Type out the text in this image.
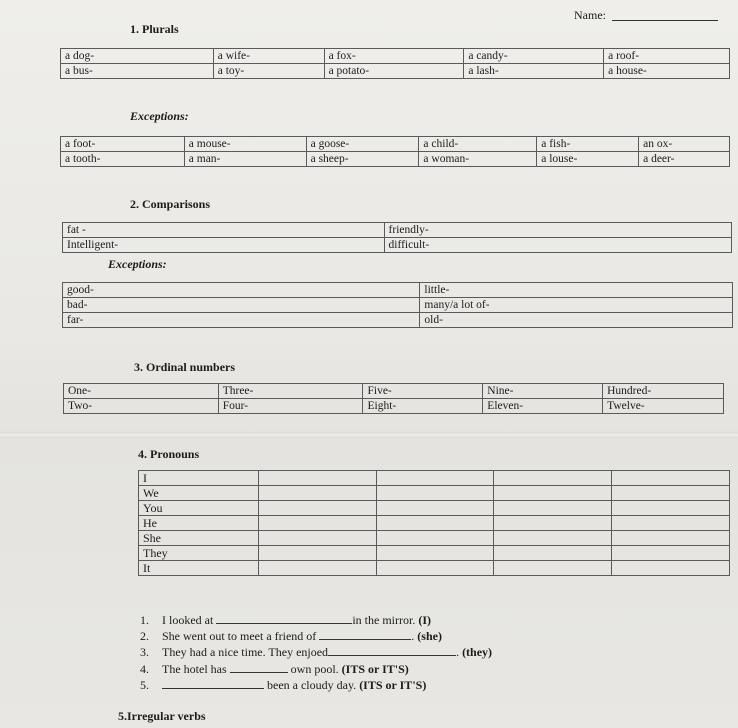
Name:
1. Plurals
a dog-	a wife-	a fox-	a candy-	a roof-
a bus-	a toy-	a potato-	a lash-	a house-
Exceptions:
a foot-	a mouse-	a goose-	a child-	a fish-	an ox-
a tooth-	a man-	a sheep-	a woman-	a louse-	a deer-
2. Comparisons
fat -	friendly-
Intelligent-	difficult-
Exceptions:
good-	little-
bad-	many/a lot of-
far-	old-
3. Ordinal numbers
One-	Three-	Five-	Nine-	Hundred-
Two-	Four-	Eight-	Eleven-	Twelve-
4. Pronouns
I				
We				
You				
He				
She				
They				
It				
1. I looked at	in the mirror. (I)
2. She went out to meet a friend of	. (she)
3. They had a nice time. They enjoed	. (they)
4. The hotel has	own pool. (ITS or IT'S)
5.	been a cloudy day. (ITS or IT'S)
5.Irregular verbs
